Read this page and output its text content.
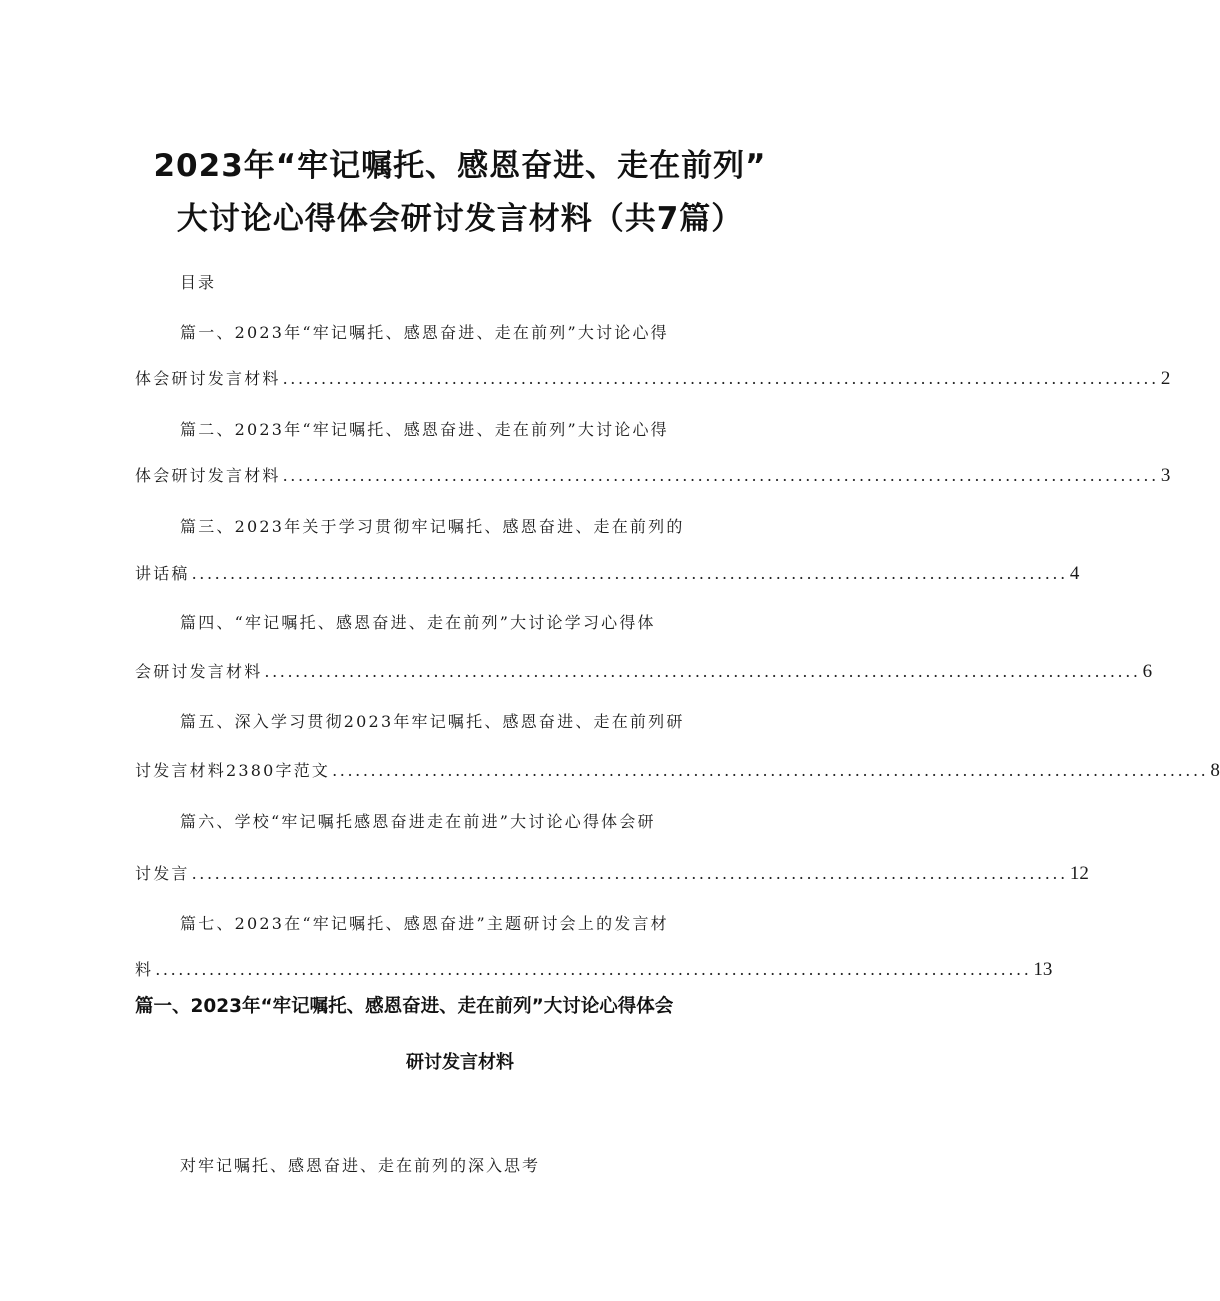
2023年“牢记嘱托、感恩奋进、走在前列”
大讨论心得体会研讨发言材料（共7篇）
目录
篇一、2023年“牢记嘱托、感恩奋进、走在前列”大讨论心得
体会研讨发言材料 .................................................................................................................. 2
篇二、2023年“牢记嘱托、感恩奋进、走在前列”大讨论心得
体会研讨发言材料 .................................................................................................................. 3
篇三、2023年关于学习贯彻牢记嘱托、感恩奋进、走在前列的
讲话稿 .................................................................................................................. 4
篇四、“牢记嘱托、感恩奋进、走在前列”大讨论学习心得体
会研讨发言材料 .................................................................................................................. 6
篇五、深入学习贯彻2023年牢记嘱托、感恩奋进、走在前列研
讨发言材料2380字范文 .................................................................................................................. 8
篇六、学校“牢记嘱托感恩奋进走在前进”大讨论心得体会研
讨发言 .................................................................................................................. 12
篇七、2023在“牢记嘱托、感恩奋进”主题研讨会上的发言材
料 .................................................................................................................. 13
篇一、2023年“牢记嘱托、感恩奋进、走在前列”大讨论心得体会
研讨发言材料
对牢记嘱托、感恩奋进、走在前列的深入思考
